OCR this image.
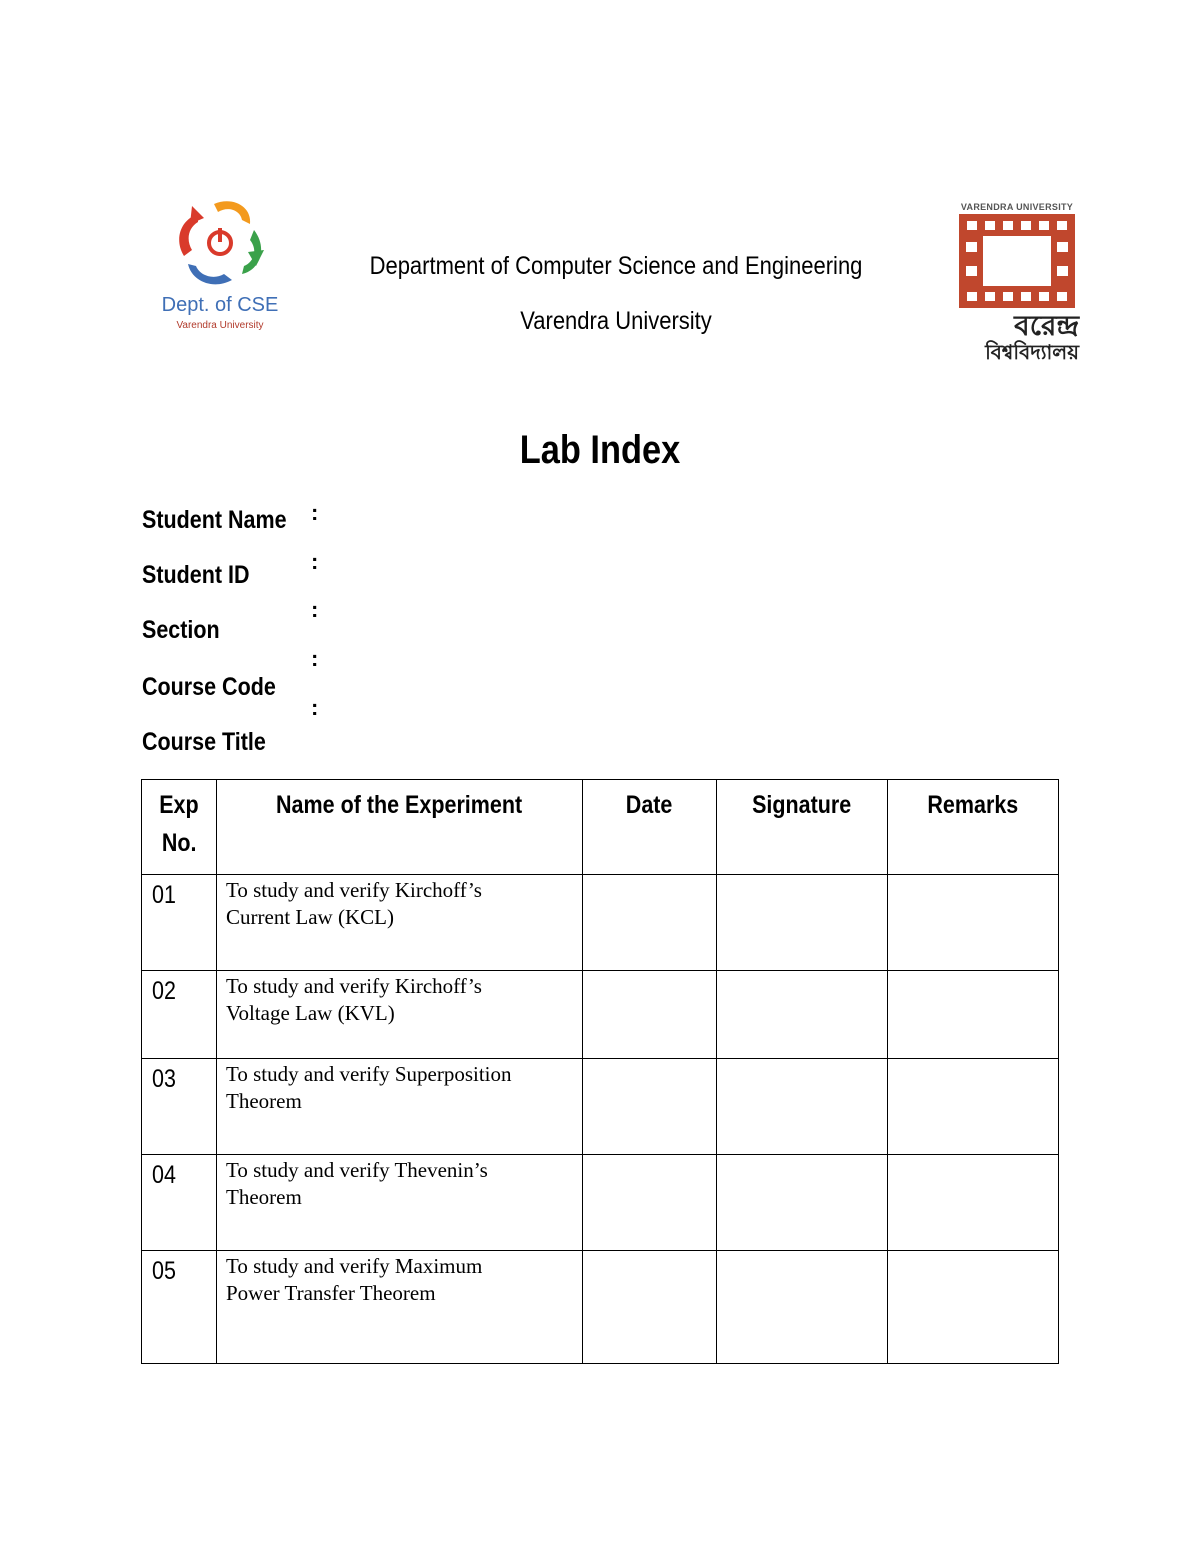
Dept. of CSE
Varendra University
Department of Computer Science and Engineering
Varendra University
VARENDRA UNIVERSITY
বরেন্দ্র
বিশ্ববিদ্যালয়
Lab Index
Student Name :
Student ID	:
Section
:
Course Code
:
Course Title
:
Exp
No.	Name of the Experiment	Date	Signature	Remarks
01	To study and verify Kirchoff’s
Current Law (KCL)			
02	To study and verify Kirchoff’s
Voltage Law (KVL)			
03	To study and verify Superposition
Theorem			
04	To study and verify Thevenin’s
Theorem			
05	To study and verify Maximum
Power Transfer Theorem			
